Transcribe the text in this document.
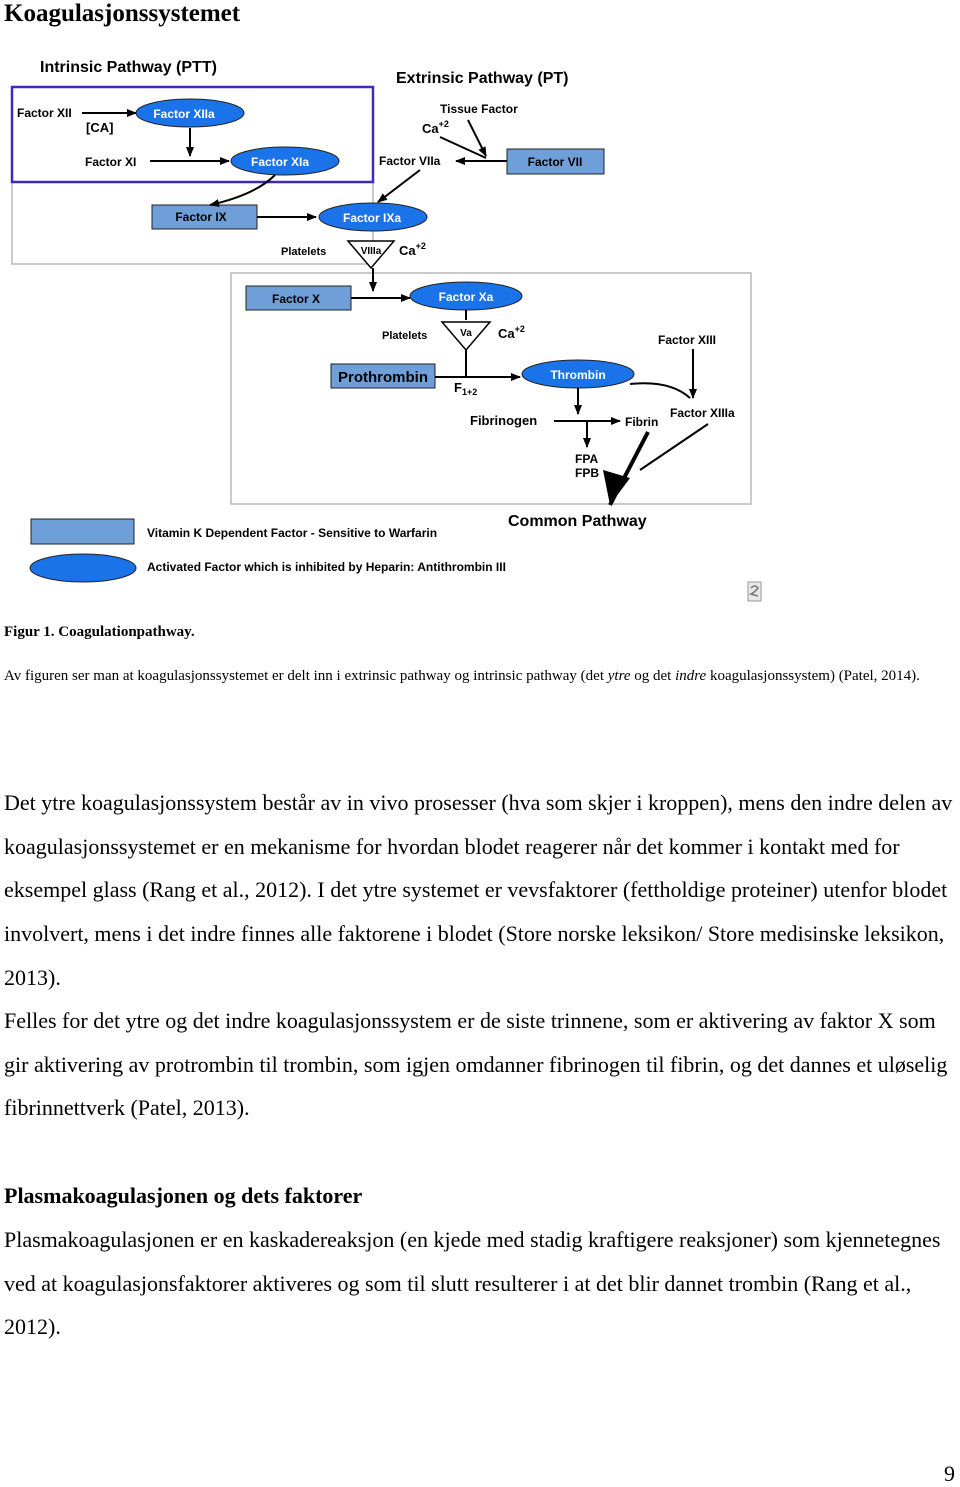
Koagulasjonssystemet
Intrinsic Pathway (PTT)
Extrinsic Pathway (PT)
Common Pathway
Factor XII
[CA]
Factor XIIa
Factor XI	Factor XIa	Factor VIIa
Tissue Factor
$Ca^{+2}$
Factor VII
Factor IX	Factor IXa
Platelets	VIIIa $Ca^{+2}$
Factor X	Factor Xa
Platelets	Va $Ca^{+2}$
Factor XIII
Prothrombin
$F_{1+2}$
Thrombin
Fibrinogen	Fibrin
Factor XIIIa
FPA
FPB
Vitamin K Dependent Factor - Sensitive to Warfarin
Activated Factor which is inhibited by Heparin: Antithrombin III
Figur 1. Coagulationpathway.
Av figuren ser man at koagulasjonssystemet er delt inn i extrinsic pathway og intrinsic pathway (det ytre og det indre koagulasjonssystem) (Patel, 2014).
Det ytre koagulasjonssystem består av in vivo prosesser (hva som skjer i kroppen), mens den indre delen av koagulasjonssystemet er en mekanisme for hvordan blodet reagerer når det kommer i kontakt med for eksempel glass (Rang et al., 2012). I det ytre systemet er vevsfaktorer (fettholdige proteiner) utenfor blodet involvert, mens i det indre finnes alle faktorene i blodet (Store norske leksikon/ Store medisinske leksikon, 2013).
Felles for det ytre og det indre koagulasjonssystem er de siste trinnene, som er aktivering av faktor X som gir aktivering av protrombin til trombin, som igjen omdanner fibrinogen til fibrin, og det dannes et uløselig fibrinnettverk (Patel, 2013).
Plasmakoagulasjonen og dets faktorer
Plasmakoagulasjonen er en kaskadereaksjon (en kjede med stadig kraftigere reaksjoner) som kjennetegnes ved at koagulasjonsfaktorer aktiveres og som til slutt resulterer i at det blir dannet trombin (Rang et al., 2012).
9
